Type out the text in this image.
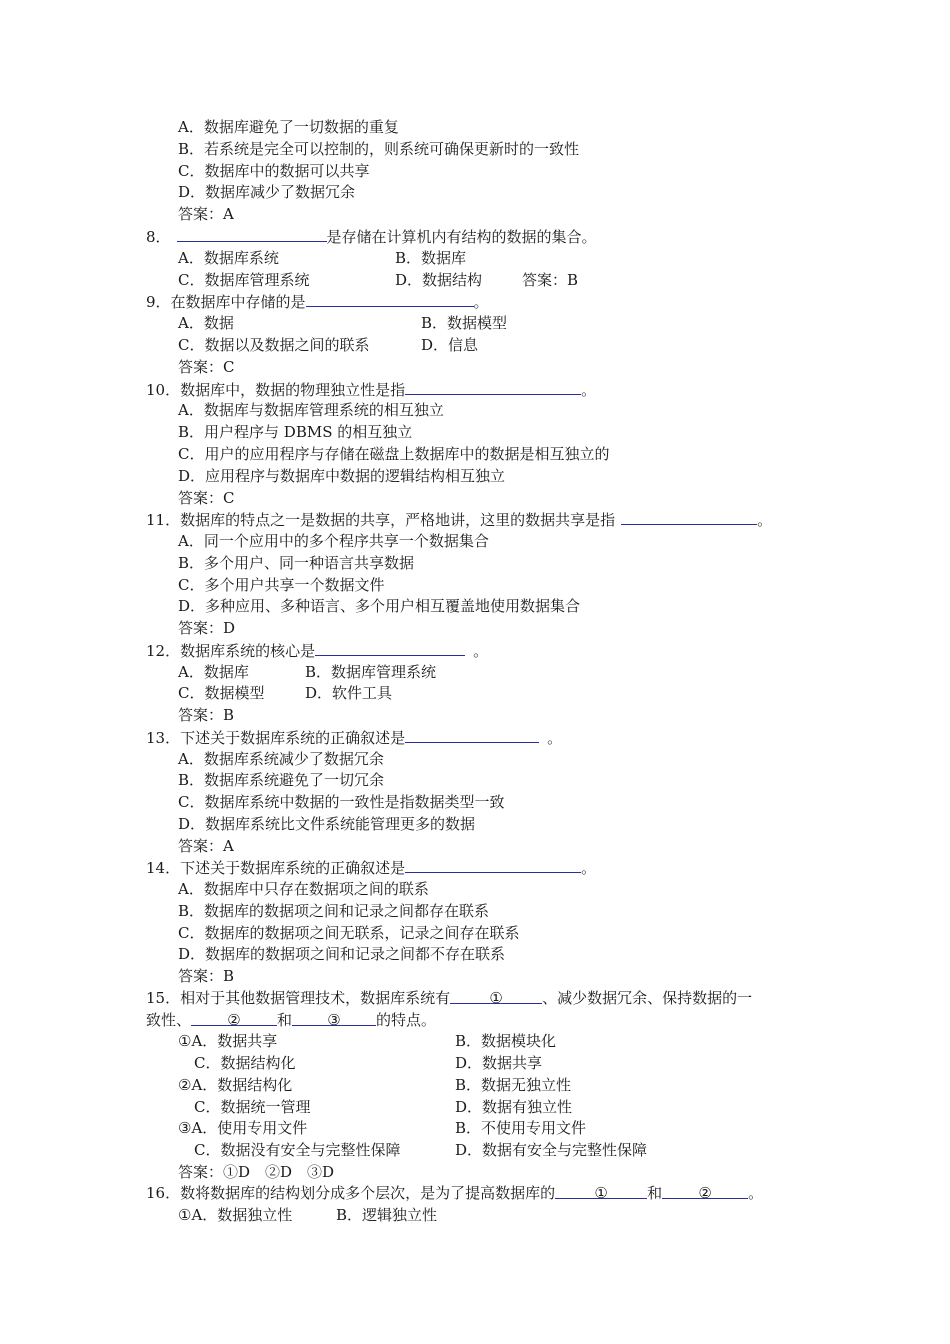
A．数据库避免了一切数据的重复
B．若系统是完全可以控制的，则系统可确保更新时的一致性
C．数据库中的数据可以共享
D．数据库减少了数据冗余
答案：A
8．	是存储在计算机内有结构的数据的集合。
A．数据库系统	B．数据库
C．数据库管理系统	D．数据结构	答案：B
9．在数据库中存储的是	。
A．数据	B．数据模型
C．数据以及数据之间的联系	D．信息
答案：C
10．数据库中，数据的物理独立性是指	。
A．数据库与数据库管理系统的相互独立
B．用户程序与 DBMS 的相互独立
C．用户的应用程序与存储在磁盘上数据库中的数据是相互独立的
D．应用程序与数据库中数据的逻辑结构相互独立
答案：C
11．数据库的特点之一是数据的共享，严格地讲，这里的数据共享是指	。
A．同一个应用中的多个程序共享一个数据集合
B．多个用户、同一种语言共享数据
C．多个用户共享一个数据文件
D．多种应用、多种语言、多个用户相互覆盖地使用数据集合
答案：D
12．数据库系统的核心是	。
A．数据库	B．数据库管理系统
C．数据模型	D．软件工具
答案：B
13．下述关于数据库系统的正确叙述是	。
A．数据库系统减少了数据冗余
B．数据库系统避免了一切冗余
C．数据库系统中数据的一致性是指数据类型一致
D．数据库系统比文件系统能管理更多的数据
答案：A
14．下述关于数据库系统的正确叙述是	。
A．数据库中只存在数据项之间的联系
B．数据库的数据项之间和记录之间都存在联系
C．数据库的数据项之间无联系，记录之间存在联系
D．数据库的数据项之间和记录之间都不存在联系
答案：B
15．相对于其他数据管理技术，数据库系统有	①	、减少数据冗余、保持数据的一
致性、 ② 和 ③ 的特点。
①A．数据共享	B．数据模块化
C．数据结构化	D．数据共享
②A．数据结构化	B．数据无独立性
C．数据统一管理	D．数据有独立性
③A．使用专用文件	B．不使用专用文件
C．数据没有安全与完整性保障	D．数据有安全与完整性保障
答案：①D　②D　③D
16．数将数据库的结构划分成多个层次，是为了提高数据库的	①	和 ② 。
①A．数据独立性	B．逻辑独立性
